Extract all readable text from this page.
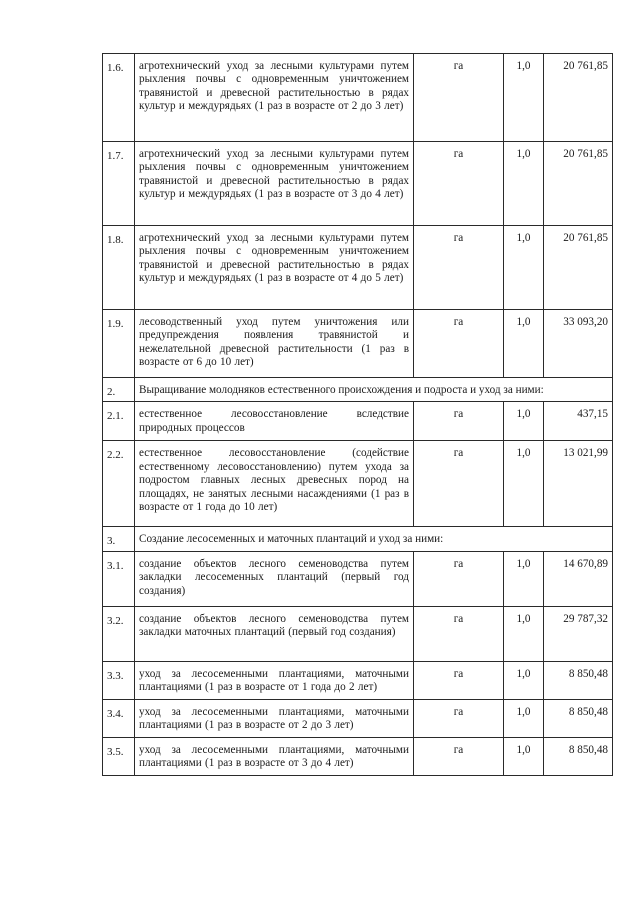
1.6.	агротехнический уход за лесными культурами путем рыхления почвы с одновременным уничтожением травянистой и древесной растительностью в рядах культур и междурядьях (1 раз в возрасте от 2 до 3 лет)	га	1,0	20 761,85
1.7.	агротехнический уход за лесными культурами путем рыхления почвы с одновременным уничтожением травянистой и древесной растительностью в рядах культур и междурядьях (1 раз в возрасте от 3 до 4 лет)	га	1,0	20 761,85
1.8.	агротехнический уход за лесными культурами путем рыхления почвы с одновременным уничтожением травянистой и древесной растительностью в рядах культур и междурядьях (1 раз в возрасте от 4 до 5 лет)	га	1,0	20 761,85
1.9.	лесоводственный уход путем уничтожения или предупреждения появления травянистой и нежелательной древесной растительности (1 раз в возрасте от 6 до 10 лет)	га	1,0	33 093,20
2.	Выращивание молодняков естественного происхождения и подроста и уход за ними:			
2.1.	естественное лесовосстановление вследствие природных процессов	га	1,0	437,15
2.2.	естественное лесовосстановление (содействие естественному лесовосстановлению) путем ухода за подростом главных лесных древесных пород на площадях, не занятых лесными насаждениями (1 раз в возрасте от 1 года до 10 лет)	га	1,0	13 021,99
3.	Создание лесосеменных и маточных плантаций и уход за ними:			
3.1.	создание объектов лесного семеноводства путем закладки лесосеменных плантаций (первый год создания)	га	1,0	14 670,89
3.2.	создание объектов лесного семеноводства путем закладки маточных плантаций (первый год создания)	га	1,0	29 787,32
3.3.	уход за лесосеменными плантациями, маточными плантациями (1 раз в возрасте от 1 года до 2 лет)	га	1,0	8 850,48
3.4.	уход за лесосеменными плантациями, маточными плантациями (1 раз в возрасте от 2 до 3 лет)	га	1,0	8 850,48
3.5.	уход за лесосеменными плантациями, маточными плантациями (1 раз в возрасте от 3 до 4 лет)	га	1,0	8 850,48
